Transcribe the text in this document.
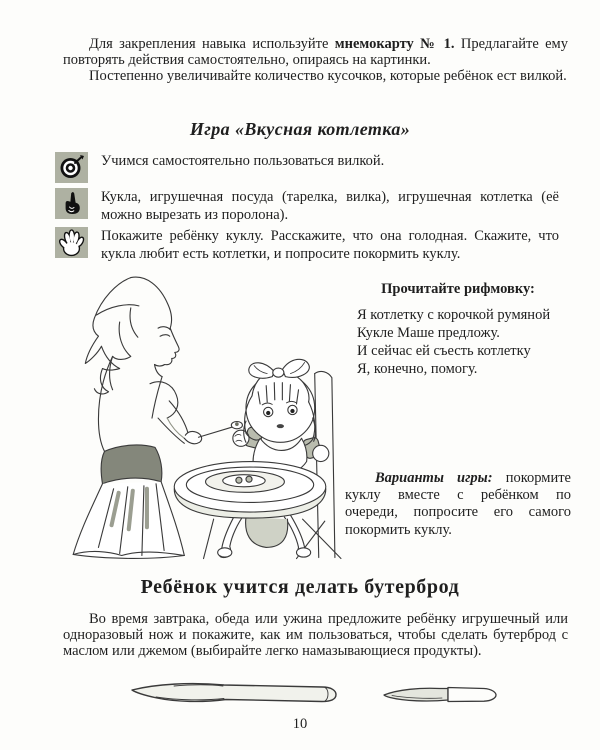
Для закрепления навыка используйте мнемокарту № 1. Предлагайте ему повторять действия самостоятельно, опираясь на картинки.

Постепенно увеличивайте количество кусочков, которые ребёнок ест вилкой.

Игра «Вкусная котлетка»
Учимся самостоятельно пользоваться вилкой.
Кукла, игрушечная посуда (тарелка, вилка), игрушечная котлетка (её можно вырезать из поролона).
Покажите ребёнку куклу. Расскажите, что она голодная. Скажите, что кукла любит есть котлетки, и попросите покормить куклу.
Прочитайте рифмовку:
Я котлетку с корочкой румяной
Кукле Маше предложу.
И сейчас ей съесть котлетку
Я, конечно, помогу.
Варианты игры: покормите куклу вместе с ребёнком по очереди, попросите его самого покормить куклу.
Ребёнок учится делать бутерброд
Во время завтрака, обеда или ужина предложите ребёнку игрушечный или одноразовый нож и покажите, как им пользоваться, чтобы сделать бутерброд с маслом или джемом (выбирайте легко намазывающиеся продукты).
10
